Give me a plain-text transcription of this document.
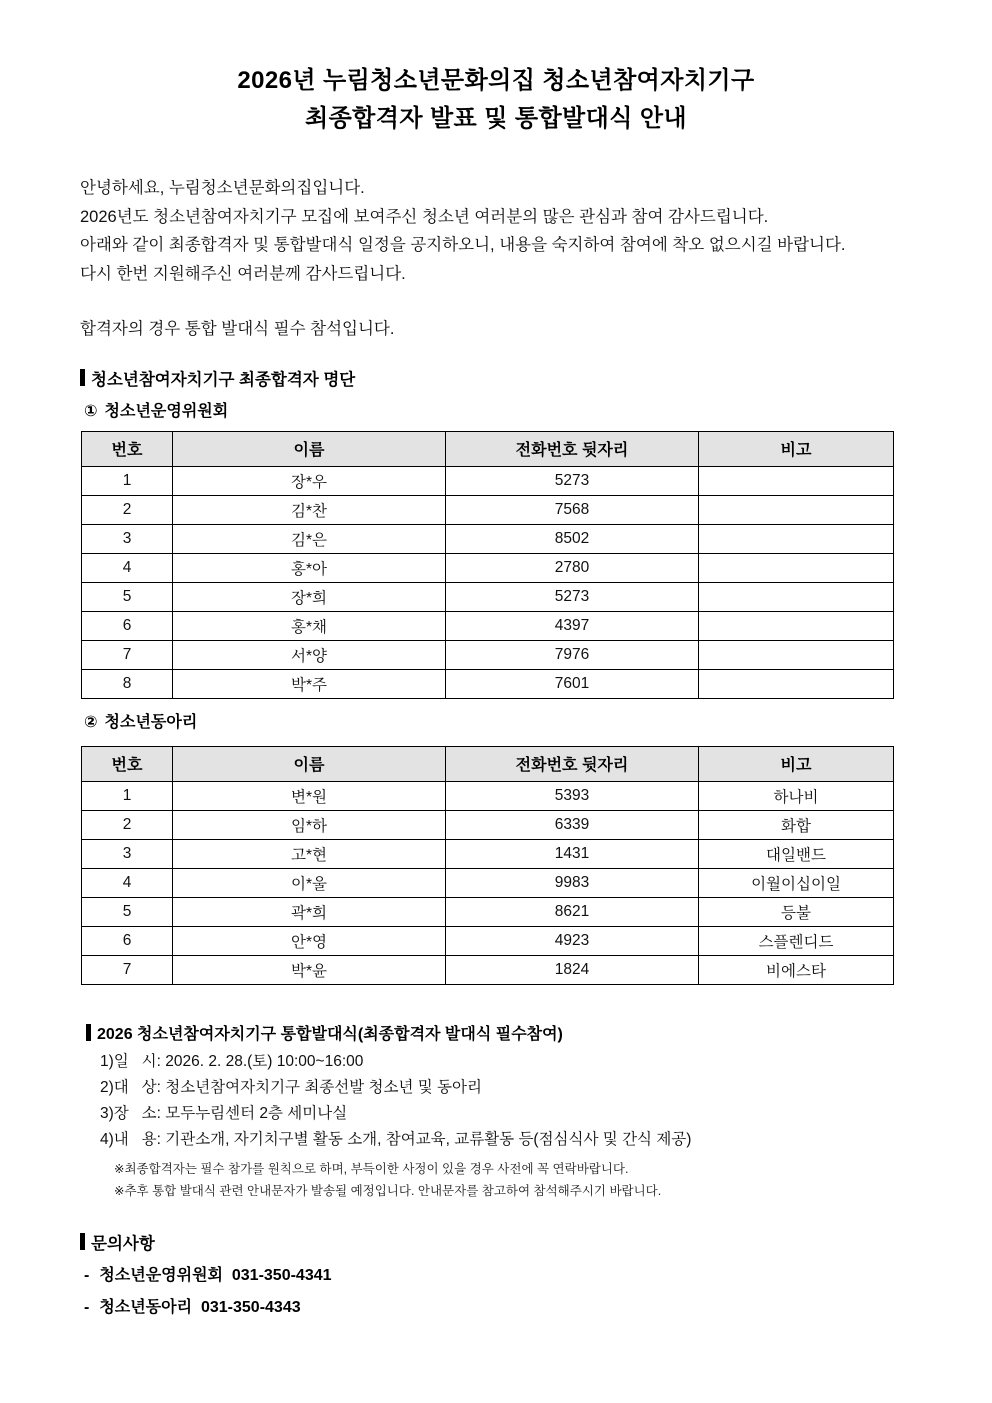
2026년 누림청소년문화의집 청소년참여자치기구
최종합격자 발표 및 통합발대식 안내
안녕하세요, 누림청소년문화의집입니다.
2026년도 청소년참여자치기구 모집에 보여주신 청소년 여러분의 많은 관심과 참여 감사드립니다.
아래와 같이 최종합격자 및 통합발대식 일정을 공지하오니, 내용을 숙지하여 참여에 착오 없으시길 바랍니다.
다시 한번 지원해주신 여러분께 감사드립니다.
합격자의 경우 통합 발대식 필수 참석입니다.
청소년참여자치기구 최종합격자 명단
① 청소년운영위원회
번호	이름	전화번호 뒷자리	비고
1	장*우	5273	
2	김*찬	7568	
3	김*은	8502	
4	홍*아	2780	
5	장*희	5273	
6	홍*채	4397	
7	서*양	7976	
8	박*주	7601	
② 청소년동아리
번호	이름	전화번호 뒷자리	비고
1	변*원	5393	하나비
2	임*하	6339	화합
3	고*현	1431	대일밴드
4	이*울	9983	이월이십이일
5	곽*희	8621	등불
6	안*영	4923	스플렌디드
7	박*윤	1824	비에스타
2026 청소년참여자치기구 통합발대식(최종합격자 발대식 필수참여)
1)일   시: 2026. 2. 28.(토) 10:00~16:00
2)대   상: 청소년참여자치기구 최종선발 청소년 및 동아리
3)장   소: 모두누림센터 2층 세미나실
4)내   용: 기관소개, 자기치구별 활동 소개, 참여교육, 교류활동 등(점심식사 및 간식 제공)
※최종합격자는 필수 참가를 원칙으로 하며, 부득이한 사정이 있을 경우 사전에 꼭 연락바랍니다.
※추후 통합 발대식 관련 안내문자가 발송될 예정입니다. 안내문자를 참고하여 참석해주시기 바랍니다.
문의사항
- 청소년운영위원회 031-350-4341
- 청소년동아리 031-350-4343
